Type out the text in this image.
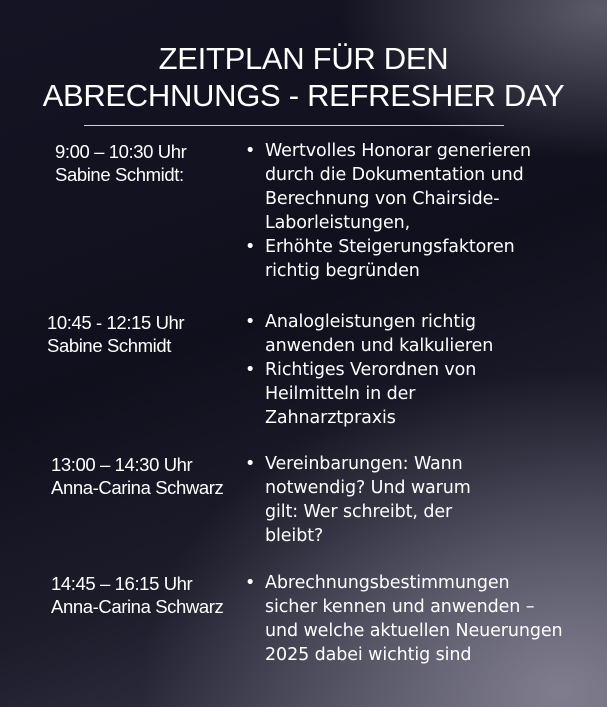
ZEITPLAN FÜR DEN
ABRECHNUNGS - REFRESHER DAY
9:00 – 10:30 Uhr
Sabine Schmidt:
• Wertvolles Honorar generieren durch die Dokumentation und Berechnung von Chairside-Laborleistungen,
• Erhöhte Steigerungsfaktoren richtig begründen
10:45 - 12:15 Uhr
Sabine Schmidt
• Analogleistungen richtig anwenden und kalkulieren
• Richtiges Verordnen von Heilmitteln in der Zahnarztpraxis
13:00 – 14:30 Uhr
Anna-Carina Schwarz
• Vereinbarungen: Wann notwendig? Und warum gilt: Wer schreibt, der bleibt?
14:45 – 16:15 Uhr
Anna-Carina Schwarz
• Abrechnungsbestimmungen sicher kennen und anwenden – und welche aktuellen Neuerungen 2025 dabei wichtig sind
